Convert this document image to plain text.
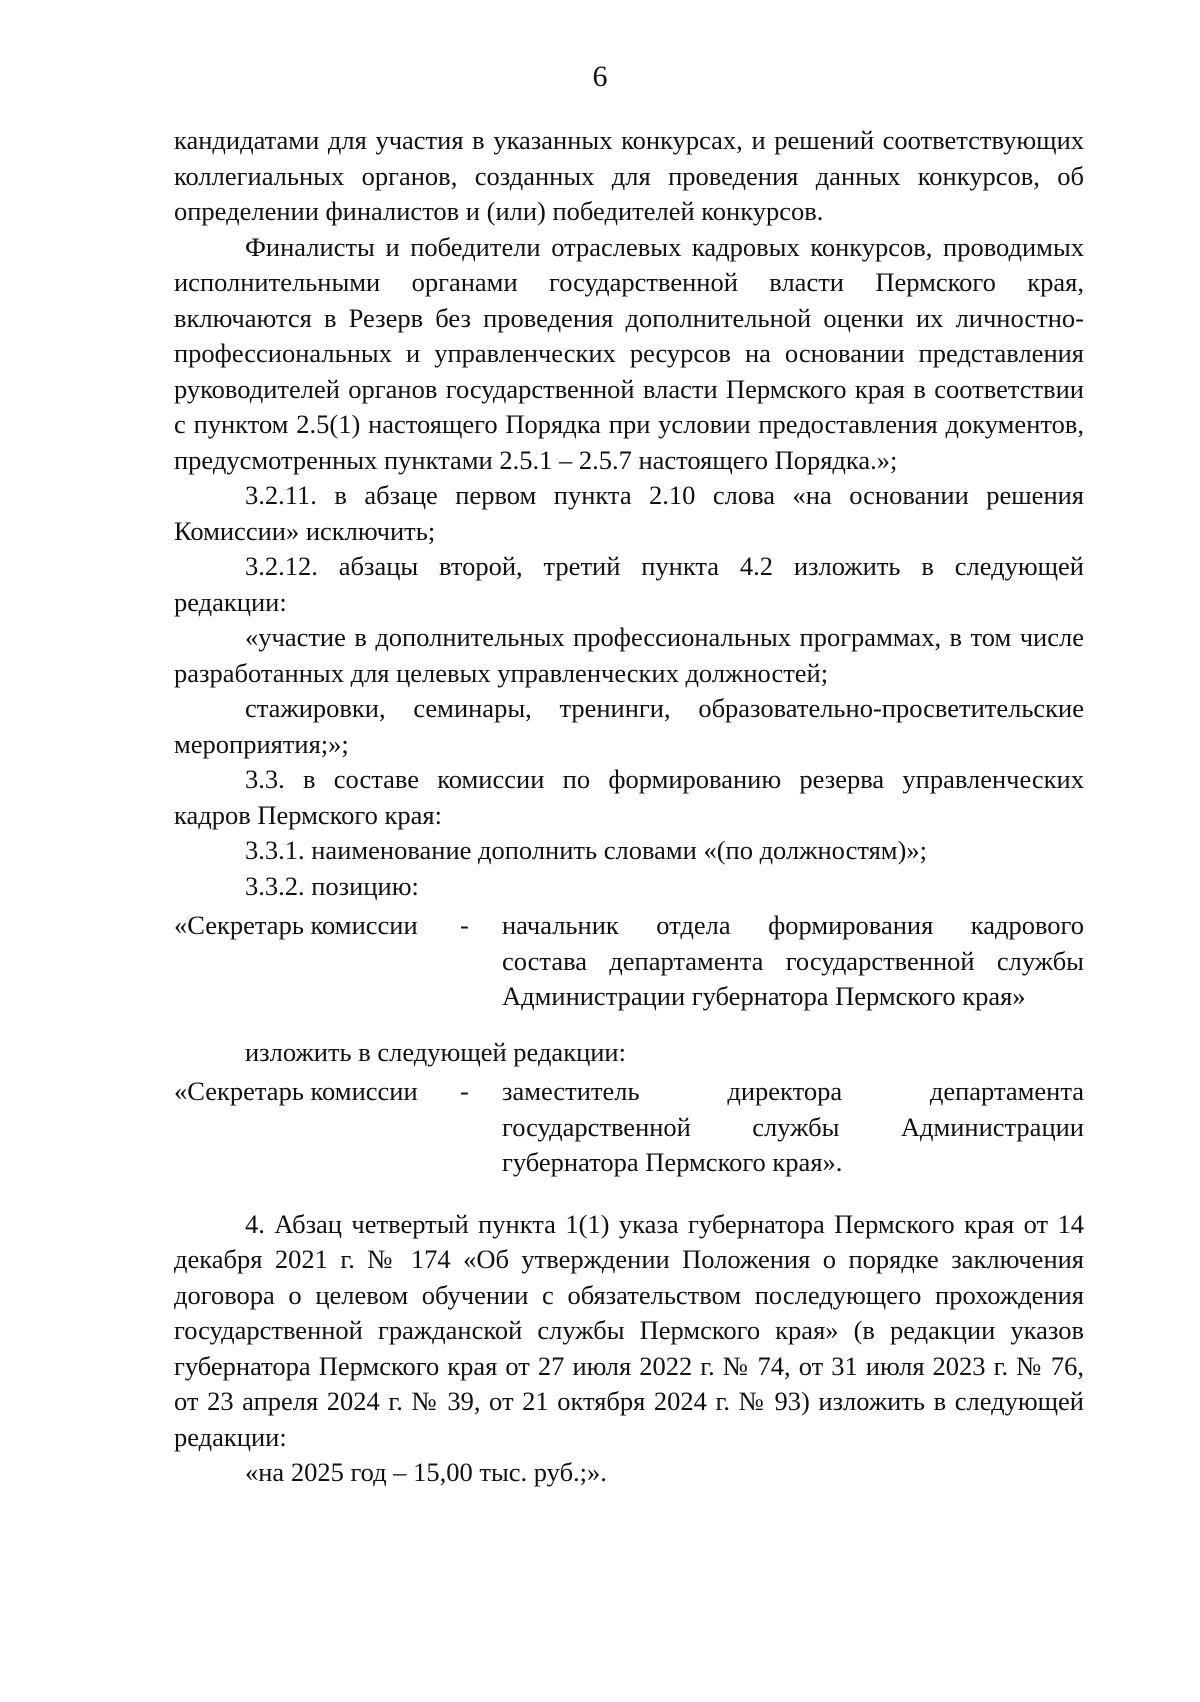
6

кандидатами для участия в указанных конкурсах, и решений соответствующих коллегиальных органов, созданных для проведения данных конкурсов, об определении финалистов и (или) победителей конкурсов.

Финалисты и победители отраслевых кадровых конкурсов, проводимых исполнительными органами государственной власти Пермского края, включаются в Резерв без проведения дополнительной оценки их личностно-профессиональных и управленческих ресурсов на основании представления руководителей органов государственной власти Пермского края в соответствии с пунктом 2.5(1) настоящего Порядка при условии предоставления документов, предусмотренных пунктами 2.5.1 – 2.5.7 настоящего Порядка.»;

3.2.11. в абзаце первом пункта 2.10 слова «на основании решения Комиссии» исключить;

3.2.12. абзацы второй, третий пункта 4.2 изложить в следующей редакции:

«участие в дополнительных профессиональных программах, в том числе разработанных для целевых управленческих должностей;

стажировки, семинары, тренинги, образовательно-просветительские мероприятия;»;

3.3. в составе комиссии по формированию резерва управленческих кадров Пермского края:

3.3.1. наименование дополнить словами «(по должностям)»;

3.3.2. позицию:

«Секретарь комиссии	-	начальник отдела формирования кадрового
состава департамента государственной службы
Администрации губернатора Пермского края»

изложить в следующей редакции:

«Секретарь комиссии	-	заместитель директора департамента
государственной службы Администрации
губернатора Пермского края».

4. Абзац четвертый пункта 1(1) указа губернатора Пермского края от 14 декабря 2021 г. № 174 «Об утверждении Положения о порядке заключения договора о целевом обучении с обязательством последующего прохождения государственной гражданской службы Пермского края» (в редакции указов губернатора Пермского края от 27 июля 2022 г. № 74, от 31 июля 2023 г. № 76, от 23 апреля 2024 г. № 39, от 21 октября 2024 г. № 93) изложить в следующей редакции:

«на 2025 год – 15,00 тыс. руб.;».
